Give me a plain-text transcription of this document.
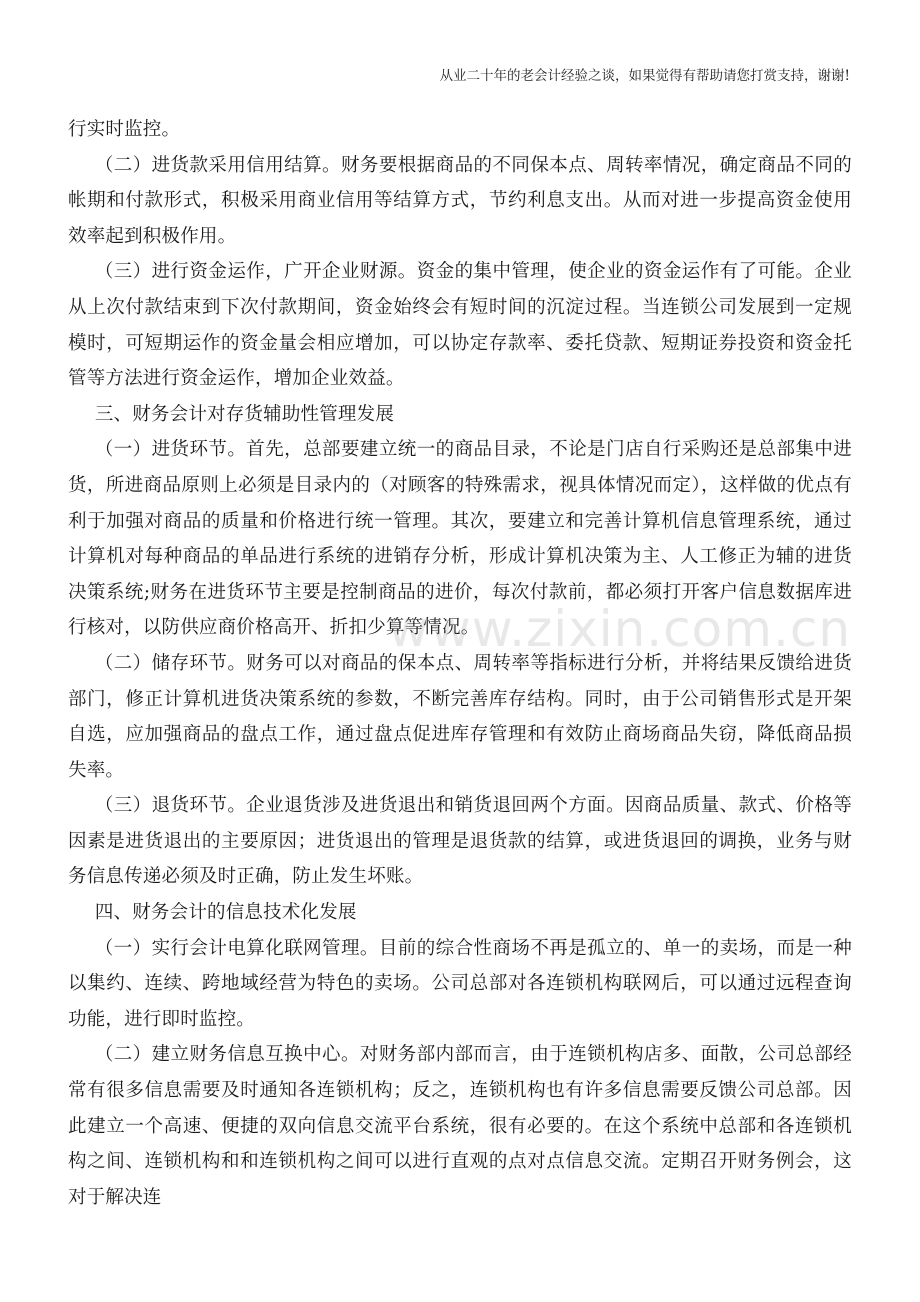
从业二十年的老会计经验之谈，如果觉得有帮助请您打赏支持，谢谢!

行实时监控。

（二）进货款采用信用结算。财务要根据商品的不同保本点、周转率情况，确定商品不同的帐期和付款形式，积极采用商业信用等结算方式，节约利息支出。从而对进一步提高资金使用效率起到积极作用。

（三）进行资金运作，广开企业财源。资金的集中管理，使企业的资金运作有了可能。企业从上次付款结束到下次付款期间，资金始终会有短时间的沉淀过程。当连锁公司发展到一定规模时，可短期运作的资金量会相应增加，可以协定存款率、委托贷款、短期证券投资和资金托管等方法进行资金运作，增加企业效益。

三、财务会计对存货辅助性管理发展

（一）进货环节。首先，总部要建立统一的商品目录，不论是门店自行采购还是总部集中进货，所进商品原则上必须是目录内的（对顾客的特殊需求，视具体情况而定），这样做的优点有利于加强对商品的质量和价格进行统一管理。其次，要建立和完善计算机信息管理系统，通过计算机对每种商品的单品进行系统的进销存分析，形成计算机决策为主、人工修正为辅的进货决策系统;财务在进货环节主要是控制商品的进价，每次付款前，都必须打开客户信息数据库进行核对，以防供应商价格高开、折扣少算等情况。

（二）储存环节。财务可以对商品的保本点、周转率等指标进行分析，并将结果反馈给进货部门，修正计算机进货决策系统的参数，不断完善库存结构。同时，由于公司销售形式是开架自选，应加强商品的盘点工作，通过盘点促进库存管理和有效防止商场商品失窃，降低商品损失率。

（三）退货环节。企业退货涉及进货退出和销货退回两个方面。因商品质量、款式、价格等因素是进货退出的主要原因；进货退出的管理是退货款的结算，或进货退回的调换，业务与财务信息传递必须及时正确，防止发生坏账。

四、财务会计的信息技术化发展

（一）实行会计电算化联网管理。目前的综合性商场不再是孤立的、单一的卖场，而是一种以集约、连续、跨地域经营为特色的卖场。公司总部对各连锁机构联网后，可以通过远程查询功能，进行即时监控。

（二）建立财务信息互换中心。对财务部内部而言，由于连锁机构店多、面散，公司总部经常有很多信息需要及时通知各连锁机构；反之，连锁机构也有许多信息需要反馈公司总部。因此建立一个高速、便捷的双向信息交流平台系统，很有必要的。在这个系统中总部和各连锁机构之间、连锁机构和和连锁机构之间可以进行直观的点对点信息交流。定期召开财务例会，这对于解决连

www.zixin.com.cn
